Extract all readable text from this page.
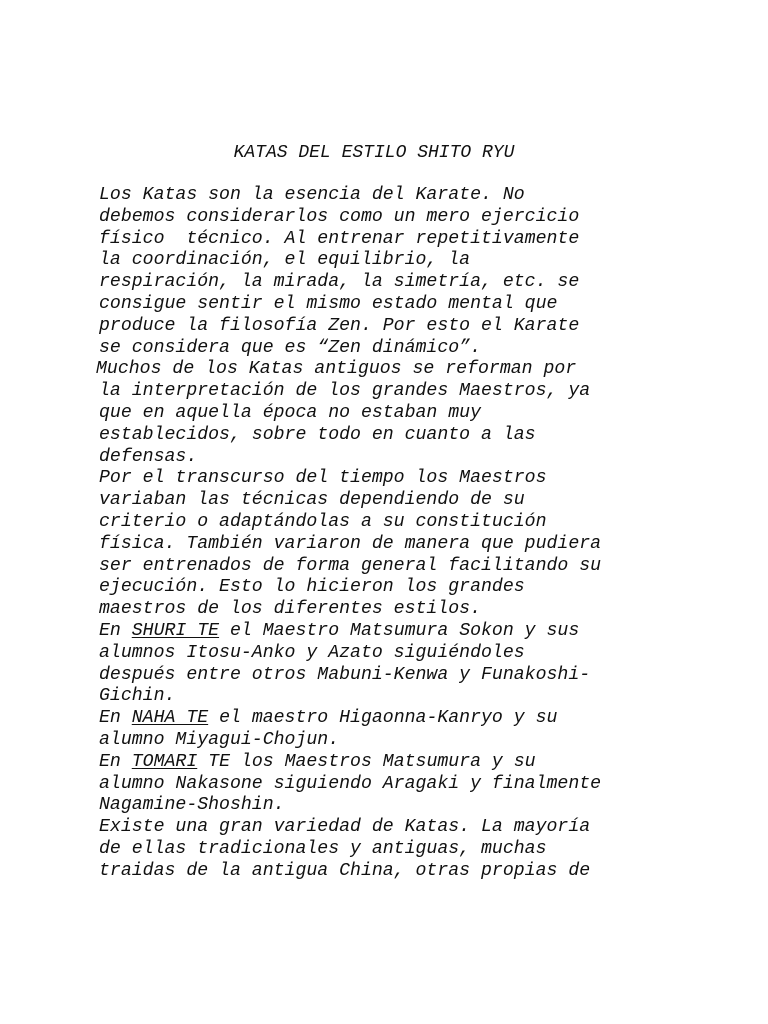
KATAS DEL ESTILO SHITO RYU
Los Katas son la esencia del Karate. No
debemos considerarlos como un mero ejercicio
físico  técnico. Al entrenar repetitivamente
la coordinación, el equilibrio, la
respiración, la mirada, la simetría, etc. se
consigue sentir el mismo estado mental que
produce la filosofía Zen. Por esto el Karate
se considera que es “Zen dinámico”.
Muchos de los Katas antiguos se reforman por
la interpretación de los grandes Maestros, ya
que en aquella época no estaban muy
establecidos, sobre todo en cuanto a las
defensas.
Por el transcurso del tiempo los Maestros
variaban las técnicas dependiendo de su
criterio o adaptándolas a su constitución
física. También variaron de manera que pudiera
ser entrenados de forma general facilitando su
ejecución. Esto lo hicieron los grandes
maestros de los diferentes estilos.
En SHURI TE el Maestro Matsumura Sokon y sus
alumnos Itosu-Anko y Azato siguiéndoles
después entre otros Mabuni-Kenwa y Funakoshi-
Gichin.
En NAHA TE el maestro Higaonna-Kanryo y su
alumno Miyagui-Chojun.
En TOMARI TE los Maestros Matsumura y su
alumno Nakasone siguiendo Aragaki y finalmente
Nagamine-Shoshin.
Existe una gran variedad de Katas. La mayoría
de ellas tradicionales y antiguas, muchas
traidas de la antigua China, otras propias de
